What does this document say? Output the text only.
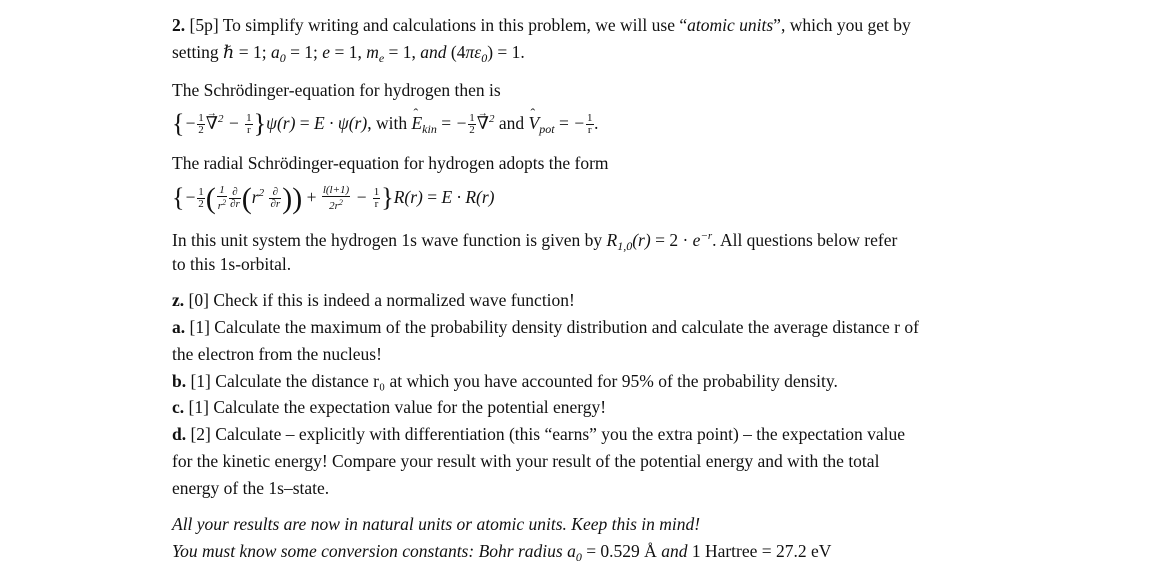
2. [5p] To simplify writing and calculations in this problem, we will use “atomic units”, which you get by
setting ℏ = 1; $a_0 = 1$; e = 1, $m_e = 1$, and $(4\pi\varepsilon_0) = 1$.
The Schrödinger-equation for hydrogen then is
{− $\frac{1}{2}$ ∇ $\to^2 - \frac{1}{r} \}\psi(r) = E \cdot \psi(r)$, with E ˆ$_{kin}$ = − $\frac{1}{2}$ ∇ →$^2$ and V ˆ$_{pot}$ = − $\frac{1}{r}$ .
The radial Schrödinger-equation for hydrogen adopts the form
{− $\frac{1}{2}$ ( $\frac{1}{r^2} \frac{\partial}{\partial r} (r^2 \frac{\partial}{\partial r}$ )) + $\frac{l(l+1)}{2r^2} - \frac{1}{r} \}R(r) = E \cdot R(r)$
In this unit system the hydrogen 1s wave function is given by $R_{1,0}(r) = 2 \cdot e^{-r}$. All questions below refer
to this 1s-orbital.
z. [0] Check if this is indeed a normalized wave function!
a. [1] Calculate the maximum of the probability density distribution and calculate the average distance r of
the electron from the nucleus!
b. [1] Calculate the distance r₀ at which you have accounted for 95% of the probability density.
c. [1] Calculate the expectation value for the potential energy!
d. [2] Calculate – explicitly with differentiation (this “earns” you the extra point) – the expectation value
for the kinetic energy! Compare your result with your result of the potential energy and with the total
energy of the 1s–state.
All your results are now in natural units or atomic units. Keep this in mind!
You must know some conversion constants: Bohr radius $a_0 = 0.529$ Å and 1 Hartree = 27.2 eV
